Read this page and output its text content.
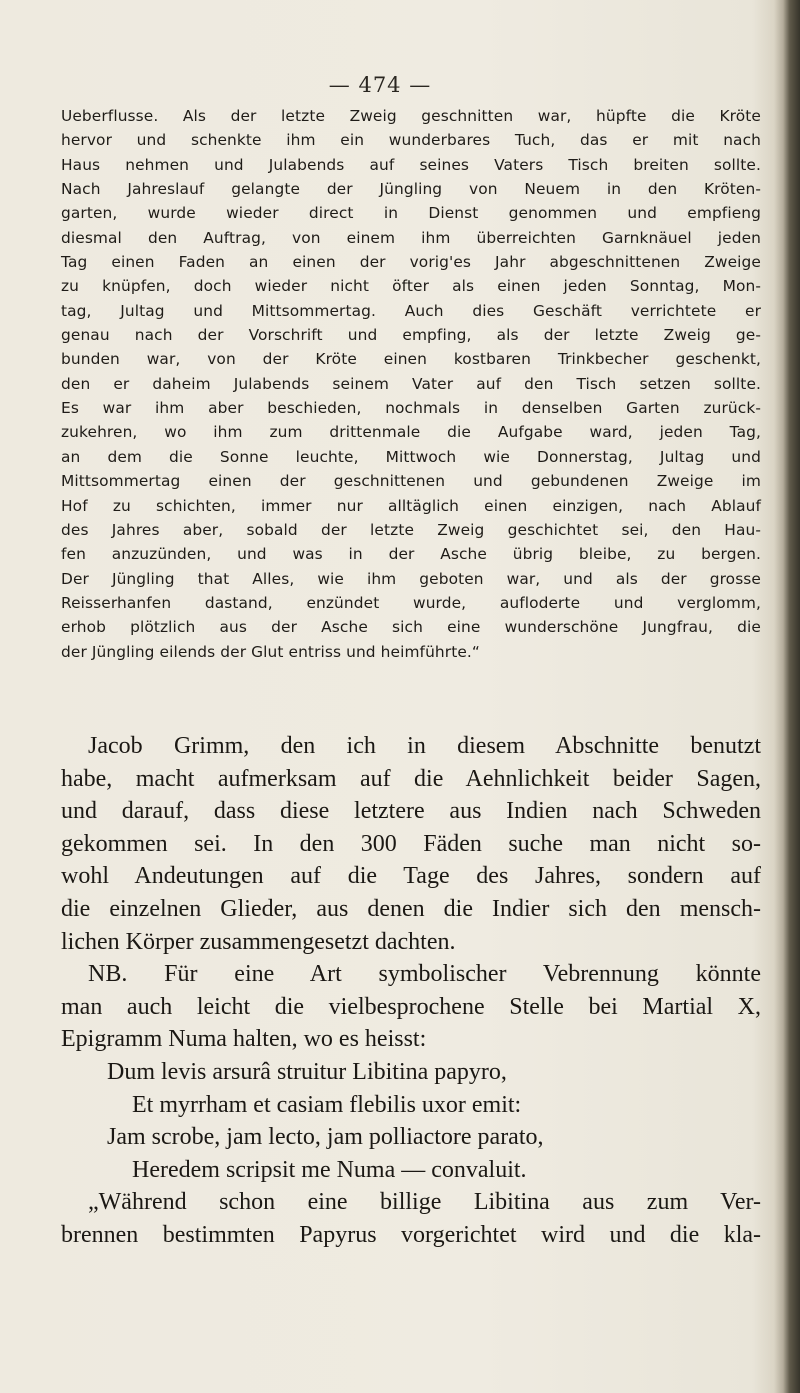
— 474 —
Ueberflusse. Als der letzte Zweig geschnitten war, hüpfte die Kröte
hervor und schenkte ihm ein wunderbares Tuch, das er mit nach
Haus nehmen und Julabends auf seines Vaters Tisch breiten sollte.
Nach Jahreslauf gelangte der Jüngling von Neuem in den Kröten-
garten, wurde wieder direct in Dienst genommen und empfieng
diesmal den Auftrag, von einem ihm überreichten Garnknäuel jeden
Tag einen Faden an einen der vorig'es Jahr abgeschnittenen Zweige
zu knüpfen, doch wieder nicht öfter als einen jeden Sonntag, Mon-
tag, Jultag und Mittsommertag. Auch dies Geschäft verrichtete er
genau nach der Vorschrift und empfing, als der letzte Zweig ge-
bunden war, von der Kröte einen kostbaren Trinkbecher geschenkt,
den er daheim Julabends seinem Vater auf den Tisch setzen sollte.
Es war ihm aber beschieden, nochmals in denselben Garten zurück-
zukehren, wo ihm zum drittenmale die Aufgabe ward, jeden Tag,
an dem die Sonne leuchte, Mittwoch wie Donnerstag, Jultag und
Mittsommertag einen der geschnittenen und gebundenen Zweige im
Hof zu schichten, immer nur alltäglich einen einzigen, nach Ablauf
des Jahres aber, sobald der letzte Zweig geschichtet sei, den Hau-
fen anzuzünden, und was in der Asche übrig bleibe, zu bergen.
Der Jüngling that Alles, wie ihm geboten war, und als der grosse
Reisserhanfen dastand, enzündet wurde, aufloderte und verglomm,
erhob plötzlich aus der Asche sich eine wunderschöne Jungfrau, die
der Jüngling eilends der Glut entriss und heimführte.“
Jacob Grimm, den ich in diesem Abschnitte benutzt
habe, macht aufmerksam auf die Aehnlichkeit beider Sagen,
und darauf, dass diese letztere aus Indien nach Schweden
gekommen sei. In den 300 Fäden suche man nicht so-
wohl Andeutungen auf die Tage des Jahres, sondern auf
die einzelnen Glieder, aus denen die Indier sich den mensch-
lichen Körper zusammengesetzt dachten.
NB. Für eine Art symbolischer Vebrennung könnte
man auch leicht die vielbesprochene Stelle bei Martial X,
Epigramm Numa halten, wo es heisst:
Dum levis arsurâ struitur Libitina papyro,
Et myrrham et casiam flebilis uxor emit:
Jam scrobe, jam lecto, jam polliactore parato,
Heredem scripsit me Numa — convaluit.
„Während schon eine billige Libitina aus zum Ver-
brennen bestimmten Papyrus vorgerichtet wird und die kla-
